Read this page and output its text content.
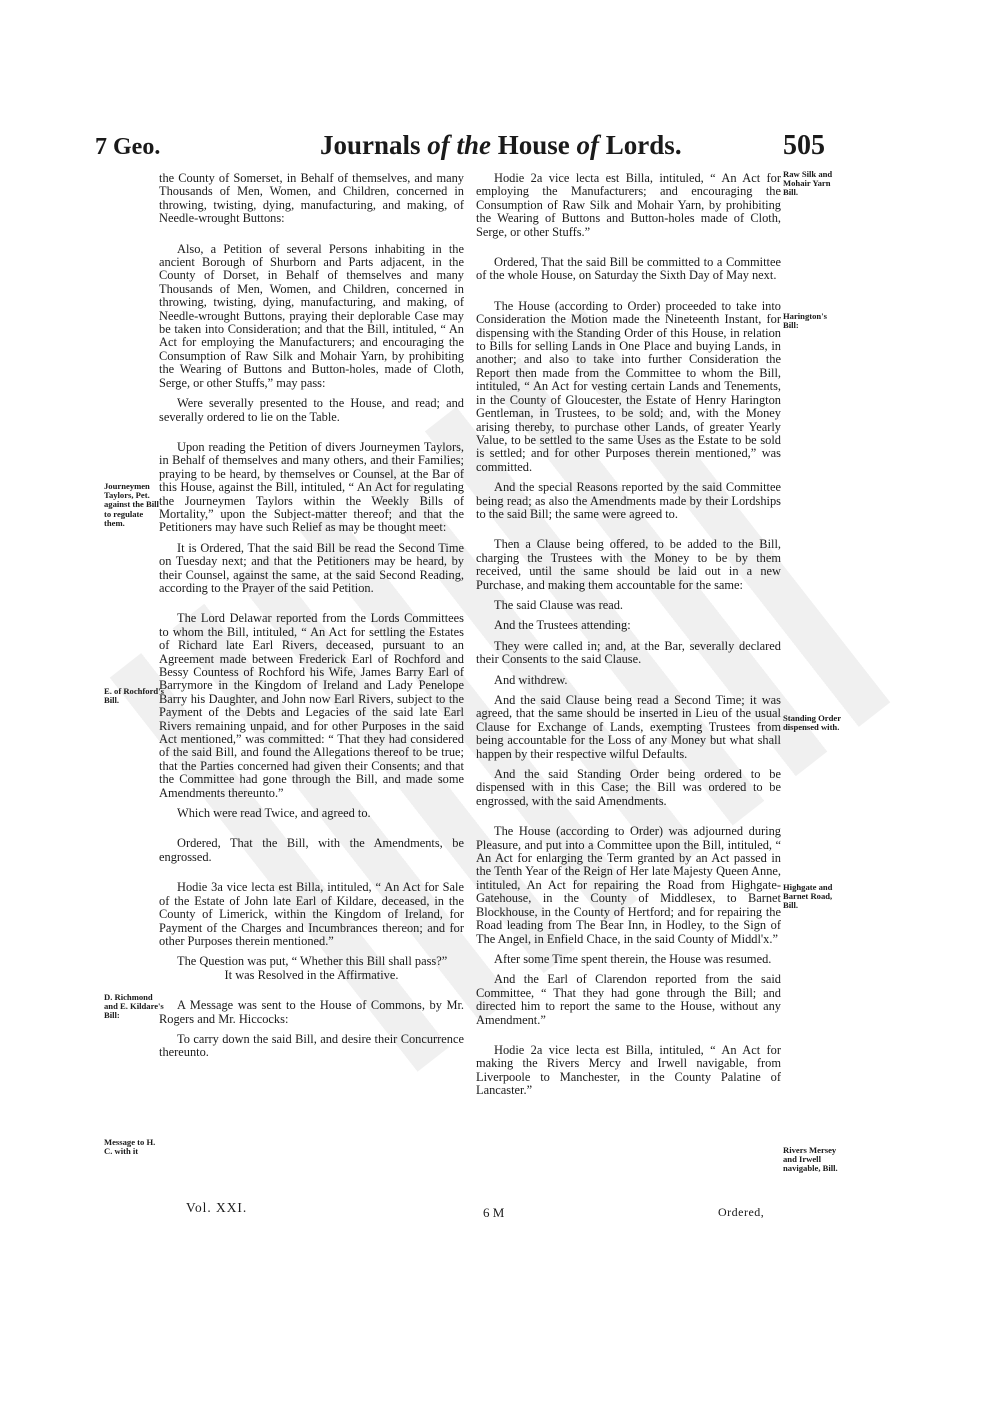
7 Geo.	Journals of the House of Lords.	505
Journeymen Taylors, Pet. against the Bill to regulate them.
E. of Rochford's Bill.
D. Richmond and E. Kildare's Bill:
Message to H. C. with it
Raw Silk and Mohair Yarn Bill.
Harington's Bill:
Standing Order dispensed with.
Highgate and Barnet Road, Bill.
Rivers Mersey and Irwell navigable, Bill.

the County of Somerset, in Behalf of themselves, and many Thousands of Men, Women, and Children, concerned in throwing, twisting, dying, manufacturing, and making, of Needle-wrought Buttons:

Also, a Petition of several Persons inhabiting in the ancient Borough of Shurborn and Parts adjacent, in the County of Dorset, in Behalf of themselves and many Thousands of Men, Women, and Children, concerned in throwing, twisting, dying, manufacturing, and making, of Needle-wrought Buttons, praying their deplorable Case may be taken into Consideration; and that the Bill, intituled, “ An Act for employing the Manufacturers; and encouraging the Consumption of Raw Silk and Mohair Yarn, by prohibiting the Wearing of Buttons and Button-holes, made of Cloth, Serge, or other Stuffs,” may pass:

Were severally presented to the House, and read; and severally ordered to lie on the Table.

Upon reading the Petition of divers Journeymen Taylors, in Behalf of themselves and many others, and their Families; praying to be heard, by themselves or Counsel, at the Bar of this House, against the Bill, intituled, “ An Act for regulating the Journeymen Taylors within the Weekly Bills of Mortality,” upon the Subject-matter thereof; and that the Petitioners may have such Relief as may be thought meet:

It is Ordered, That the said Bill be read the Second Time on Tuesday next; and that the Petitioners may be heard, by their Counsel, against the same, at the said Second Reading, according to the Prayer of the said Petition.

The Lord Delawar reported from the Lords Committees to whom the Bill, intituled, “ An Act for settling the Estates of Richard late Earl Rivers, deceased, pursuant to an Agreement made between Frederick Earl of Rochford and Bessy Countess of Rochford his Wife, James Barry Earl of Barrymore in the Kingdom of Ireland and Lady Penelope Barry his Daughter, and John now Earl Rivers, subject to the Payment of the Debts and Legacies of the said late Earl Rivers remaining unpaid, and for other Purposes in the said Act mentioned,” was committed: “ That they had considered of the said Bill, and found the Allegations thereof to be true; that the Parties concerned had given their Consents; and that the Committee had gone through the Bill, and made some Amendments thereunto.”

Which were read Twice, and agreed to.

Ordered, That the Bill, with the Amendments, be engrossed.

Hodie 3a vice lecta est Billa, intituled, “ An Act for Sale of the Estate of John late Earl of Kildare, deceased, in the County of Limerick, within the Kingdom of Ireland, for Payment of the Charges and Incumbrances thereon; and for other Purposes therein mentioned.”

The Question was put, “ Whether this Bill shall pass?”

It was Resolved in the Affirmative.

A Message was sent to the House of Commons, by Mr. Rogers and Mr. Hiccocks:

To carry down the said Bill, and desire their Concurrence thereunto.

Hodie 2a vice lecta est Billa, intituled, “ An Act for employing the Manufacturers; and encouraging the Consumption of Raw Silk and Mohair Yarn, by prohibiting the Wearing of Buttons and Button-holes made of Cloth, Serge, or other Stuffs.”

Ordered, That the said Bill be committed to a Committee of the whole House, on Saturday the Sixth Day of May next.

The House (according to Order) proceeded to take into Consideration the Motion made the Nineteenth Instant, for dispensing with the Standing Order of this House, in relation to Bills for selling Lands in One Place and buying Lands, in another; and also to take into further Consideration the Report then made from the Committee to whom the Bill, intituled, “ An Act for vesting certain Lands and Tenements, in the County of Gloucester, the Estate of Henry Harington Gentleman, in Trustees, to be sold; and, with the Money arising thereby, to purchase other Lands, of greater Yearly Value, to be settled to the same Uses as the Estate to be sold is settled; and for other Purposes therein mentioned,” was committed.

And the special Reasons reported by the said Committee being read; as also the Amendments made by their Lordships to the said Bill; the same were agreed to.

Then a Clause being offered, to be added to the Bill, charging the Trustees with the Money to be by them received, until the same should be laid out in a new Purchase, and making them accountable for the same:

The said Clause was read.

And the Trustees attending:

They were called in; and, at the Bar, severally declared their Consents to the said Clause.

And withdrew.

And the said Clause being read a Second Time; it was agreed, that the same should be inserted in Lieu of the usual Clause for Exchange of Lands, exempting Trustees from being accountable for the Loss of any Money but what shall happen by their respective wilful Defaults.

And the said Standing Order being ordered to be dispensed with in this Case; the Bill was ordered to be engrossed, with the said Amendments.

The House (according to Order) was adjourned during Pleasure, and put into a Committee upon the Bill, intituled, “ An Act for enlarging the Term granted by an Act passed in the Tenth Year of the Reign of Her late Majesty Queen Anne, intituled, An Act for repairing the Road from Highgate-Gatehouse, in the County of Middlesex, to Barnet Blockhouse, in the County of Hertford; and for repairing the Road leading from The Bear Inn, in Hodley, to the Sign of The Angel, in Enfield Chace, in the said County of Middl'x.”

After some Time spent therein, the House was resumed.

And the Earl of Clarendon reported from the said Committee, “ That they had gone through the Bill; and directed him to report the same to the House, without any Amendment.”

Hodie 2a vice lecta est Billa, intituled, “ An Act for making the Rivers Mercy and Irwell navigable, from Liverpoole to Manchester, in the County Palatine of Lancaster.”

Vol. XXI.	6 M	Ordered,
